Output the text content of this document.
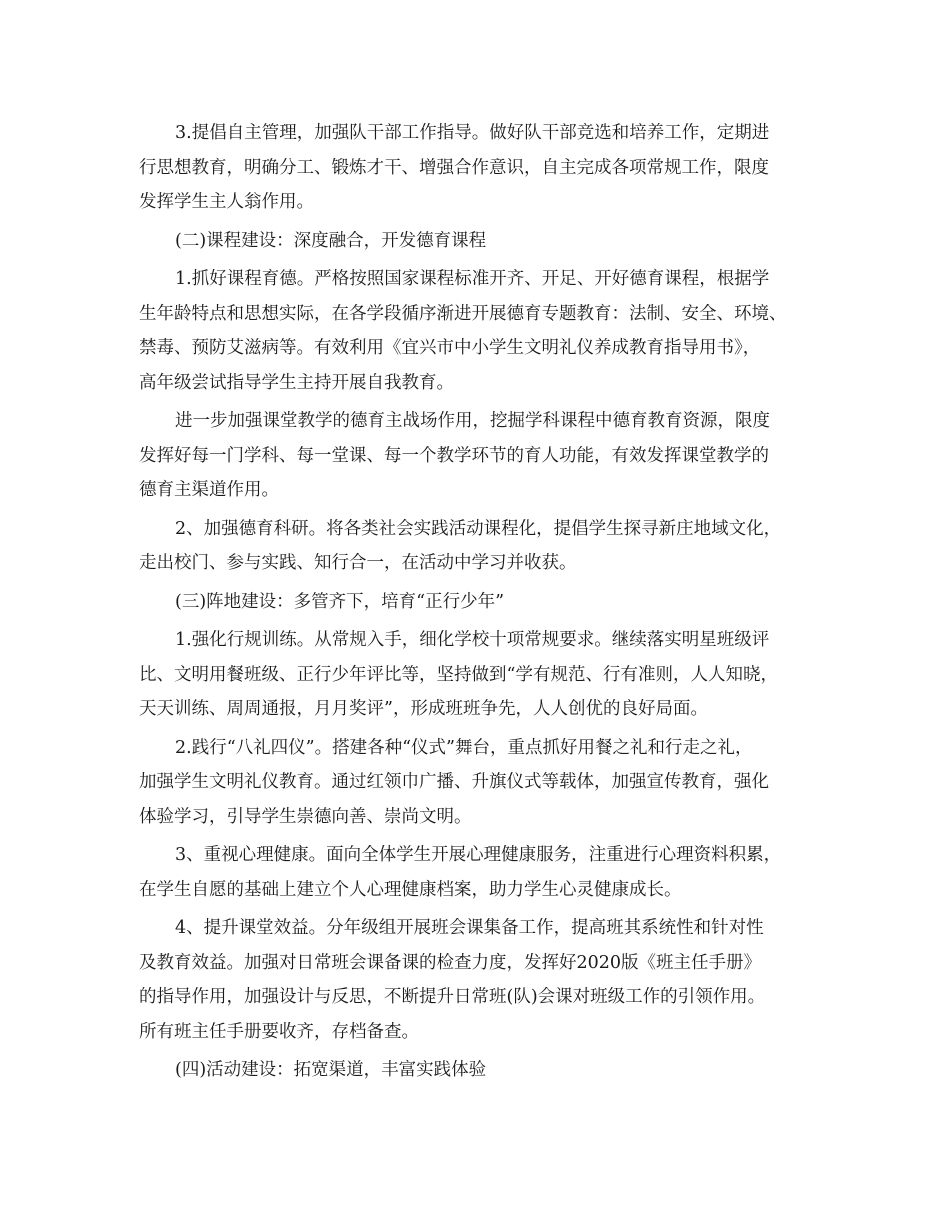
3.提倡自主管理，加强队干部工作指导。做好队干部竞选和培养工作，定期进
行思想教育，明确分工、锻炼才干、增强合作意识，自主完成各项常规工作，限度
发挥学生主人翁作用。
(二)课程建设：深度融合，开发德育课程
1.抓好课程育德。严格按照国家课程标准开齐、开足、开好德育课程，根据学
生年龄特点和思想实际，在各学段循序渐进开展德育专题教育：法制、安全、环境、
禁毒、预防艾滋病等。有效利用《宜兴市中小学生文明礼仪养成教育指导用书》，
高年级尝试指导学生主持开展自我教育。
进一步加强课堂教学的德育主战场作用，挖掘学科课程中德育教育资源，限度
发挥好每一门学科、每一堂课、每一个教学环节的育人功能，有效发挥课堂教学的
德育主渠道作用。
2、加强德育科研。将各类社会实践活动课程化，提倡学生探寻新庄地域文化，
走出校门、参与实践、知行合一，在活动中学习并收获。
(三)阵地建设：多管齐下，培育“正行少年”
1.强化行规训练。从常规入手，细化学校十项常规要求。继续落实明星班级评
比、文明用餐班级、正行少年评比等，坚持做到“学有规范、行有准则，人人知晓，
天天训练、周周通报，月月奖评”，形成班班争先，人人创优的良好局面。
2.践行“八礼四仪”。搭建各种“仪式”舞台，重点抓好用餐之礼和行走之礼，
加强学生文明礼仪教育。通过红领巾广播、升旗仪式等载体，加强宣传教育，强化
体验学习，引导学生崇德向善、崇尚文明。
3、重视心理健康。面向全体学生开展心理健康服务，注重进行心理资料积累，
在学生自愿的基础上建立个人心理健康档案，助力学生心灵健康成长。
4、提升课堂效益。分年级组开展班会课集备工作，提高班其系统性和针对性
及教育效益。加强对日常班会课备课的检查力度，发挥好2020版《班主任手册》
的指导作用，加强设计与反思，不断提升日常班(队)会课对班级工作的引领作用。
所有班主任手册要收齐，存档备查。
(四)活动建设：拓宽渠道，丰富实践体验
